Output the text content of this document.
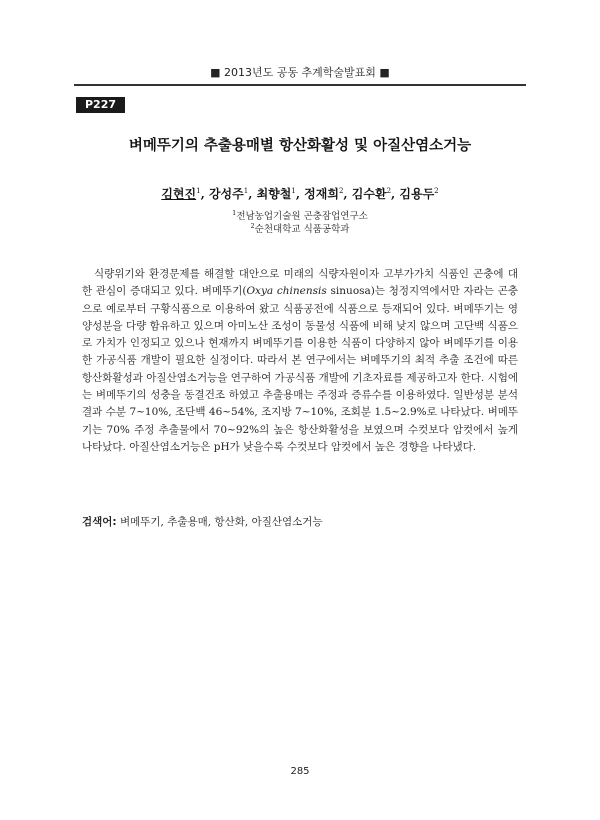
■ 2013년도 공동 추계학술발표회 ■
P227
벼메뚜기의 추출용매별 항산화활성 및 아질산염소거능
김현진$^1$, 강성주$^1$, 최향철$^1$, 정재희$^2$, 김수환$^2$, 김용두$^2$
$^1$전남농업기술원 곤충잠업연구소
$^2$순천대학교 식품공학과

식량위기와 환경문제를 해결할 대안으로 미래의 식량자원이자 고부가가치 식품인 곤충에 대한 관심이 증대되고 있다. 벼메뚜기(Oxya chinensis sinuosa)는 청정지역에서만 자라는 곤충으로 예로부터 구황식품으로 이용하여 왔고 식품공전에 식품으로 등재되어 있다. 벼메뚜기는 영양성분을 다량 함유하고 있으며 아미노산 조성이 동물성 식품에 비해 낮지 않으며 고단백 식품으로 가치가 인정되고 있으나 현재까지 벼메뚜기를 이용한 식품이 다양하지 않아 벼메뚜기를 이용한 가공식품 개발이 필요한 실정이다. 따라서 본 연구에서는 벼메뚜기의 최적 추출 조건에 따른 항산화활성과 아질산염소거능을 연구하여 가공식품 개발에 기초자료를 제공하고자 한다. 시험에는 벼메뚜기의 성충을 동결건조 하였고 추출용매는 주정과 증류수를 이용하였다. 일반성분 분석 결과 수분 7~10%, 조단백 46~54%, 조지방 7~10%, 조회분 1.5~2.9%로 나타났다. 벼메뚜기는 70% 주정 추출물에서 70~92%의 높은 항산화활성을 보였으며 수컷보다 암컷에서 높게 나타났다. 아질산염소거능은 pH가 낮을수록 수컷보다 암컷에서 높은 경향을 나타냈다.

검색어: 벼메뚜기, 추출용매, 항산화, 아질산염소거능
285
